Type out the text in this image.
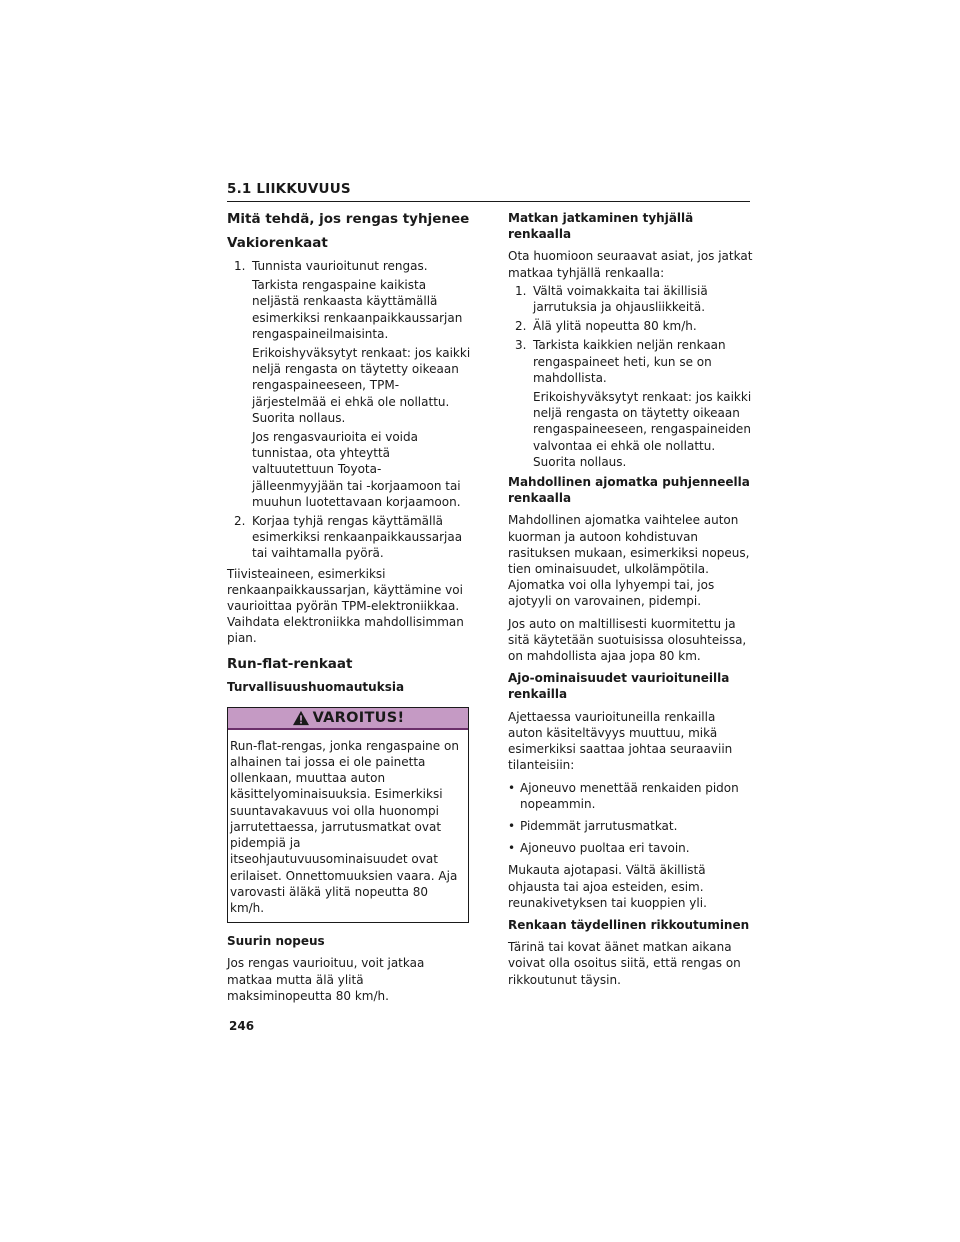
5.1 LIIKKUVUUS
Mitä tehdä, jos rengas tyhjenee
Vakiorenkaat
1. Tunnista vaurioitunut rengas.
Tarkista rengaspaine kaikista neljästä renkaasta käyttämällä esimerkiksi renkaanpaikkaussarjan rengaspaineilmaisinta.
Erikoishyväksytyt renkaat: jos kaikki neljä rengasta on täytetty oikeaan rengaspaineeseen, TPM-järjestelmää ei ehkä ole nollattu. Suorita nollaus.
Jos rengasvaurioita ei voida tunnistaa, ota yhteyttä valtuutettuun Toyota-jälleenmyyjään tai -korjaamoon tai muuhun luotettavaan korjaamoon.
2. Korjaa tyhjä rengas käyttämällä esimerkiksi renkaanpaikkaussarjaa tai vaihtamalla pyörä.

Tiivisteaineen, esimerkiksi renkaanpaikkaussarjan, käyttämine voi vaurioittaa pyörän TPM-elektroniikkaa. Vaihdata elektroniikka mahdollisimman pian.

Run-flat-renkaat
Turvallisuushuomautuksia
VAROITUS!

Run-flat-rengas, jonka rengaspaine on alhainen tai jossa ei ole painetta ollenkaan, muuttaa auton käsittelyominaisuuksia. Esimerkiksi suuntavakavuus voi olla huonompi jarrutettaessa, jarrutusmatkat ovat pidempiä ja itseohjautuvuusominaisuudet ovat erilaiset. Onnettomuuksien vaara. Aja varovasti äläkä ylitä nopeutta 80 km/h.

Suurin nopeus

Jos rengas vaurioituu, voit jatkaa matkaa mutta älä ylitä maksiminopeutta 80 km/h.

Matkan jatkaminen tyhjällä renkaalla

Ota huomioon seuraavat asiat, jos jatkat matkaa tyhjällä renkaalla:

1. Vältä voimakkaita tai äkillisiä jarrutuksia ja ohjausliikkeitä.
2. Älä ylitä nopeutta 80 km/h.
3. Tarkista kaikkien neljän renkaan rengaspaineet heti, kun se on mahdollista.
Erikoishyväksytyt renkaat: jos kaikki neljä rengasta on täytetty oikeaan rengaspaineeseen, rengaspaineiden valvontaa ei ehkä ole nollattu. Suorita nollaus.
Mahdollinen ajomatka puhjenneella renkaalla

Mahdollinen ajomatka vaihtelee auton kuorman ja autoon kohdistuvan rasituksen mukaan, esimerkiksi nopeus, tien ominaisuudet, ulkolämpötila. Ajomatka voi olla lyhyempi tai, jos ajotyyli on varovainen, pidempi.

Jos auto on maltillisesti kuormitettu ja sitä käytetään suotuisissa olosuhteissa, on mahdollista ajaa jopa 80 km.

Ajo-ominaisuudet vaurioituneilla renkailla

Ajettaessa vaurioituneilla renkailla auton käsiteltävyys muuttuu, mikä esimerkiksi saattaa johtaa seuraaviin tilanteisiin:

• Ajoneuvo menettää renkaiden pidon nopeammin.
• Pidemmät jarrutusmatkat.
• Ajoneuvo puoltaa eri tavoin.

Mukauta ajotapasi. Vältä äkillistä ohjausta tai ajoa esteiden, esim. reunakivetyksen tai kuoppien yli.

Renkaan täydellinen rikkoutuminen

Tärinä tai kovat äänet matkan aikana voivat olla osoitus siitä, että rengas on rikkoutunut täysin.

246
